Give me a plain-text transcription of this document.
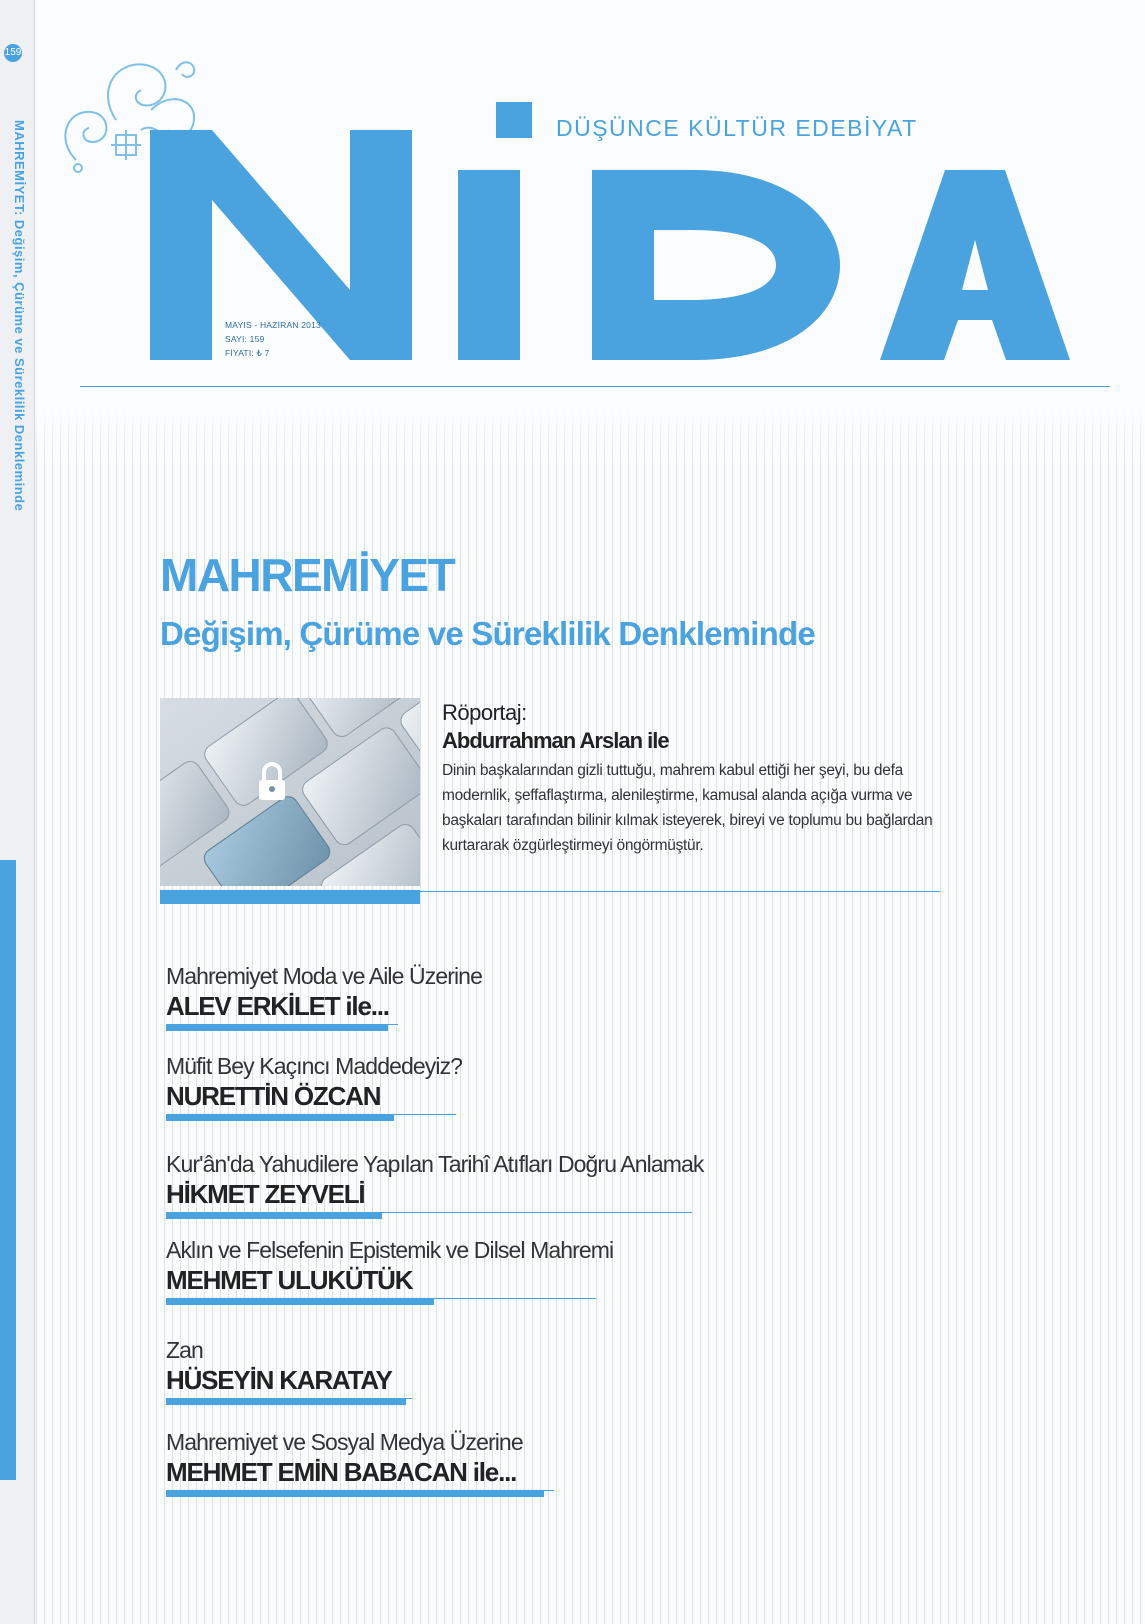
159
MAHREMİYET: Değişim, Çürüme ve Süreklilik Denkleminde	DÜŞÜNCE KÜLTÜR EDEBİYAT
MAYIS - HAZİRAN 2013
SAYI: 159
FİYATI: ₺ 7
MAHREMİYET
Değişim, Çürüme ve Süreklilik Denkleminde
Röportaj:
Abdurrahman Arslan ile
Dinin başkalarından gizli tuttuğu, mahrem kabul ettiği her şeyi, bu defa modernlik, şeffaflaştırma, alenileştirme, kamusal alanda açığa vurma ve başkaları tarafından bilinir kılmak isteyerek, bireyi ve toplumu bu bağlardan kurtararak özgürleştirmeyi öngörmüştür.
Mahremiyet Moda ve Aile Üzerine
ALEV ERKİLET ile...
Müfit Bey Kaçıncı Maddedeyiz?
NURETTİN ÖZCAN
Kur'ân'da Yahudilere Yapılan Tarihî Atıfları Doğru Anlamak
HİKMET ZEYVELİ
Aklın ve Felsefenin Epistemik ve Dilsel Mahremi
MEHMET ULUKÜTÜK
Zan
HÜSEYİN KARATAY
Mahremiyet ve Sosyal Medya Üzerine
MEHMET EMİN BABACAN ile...
